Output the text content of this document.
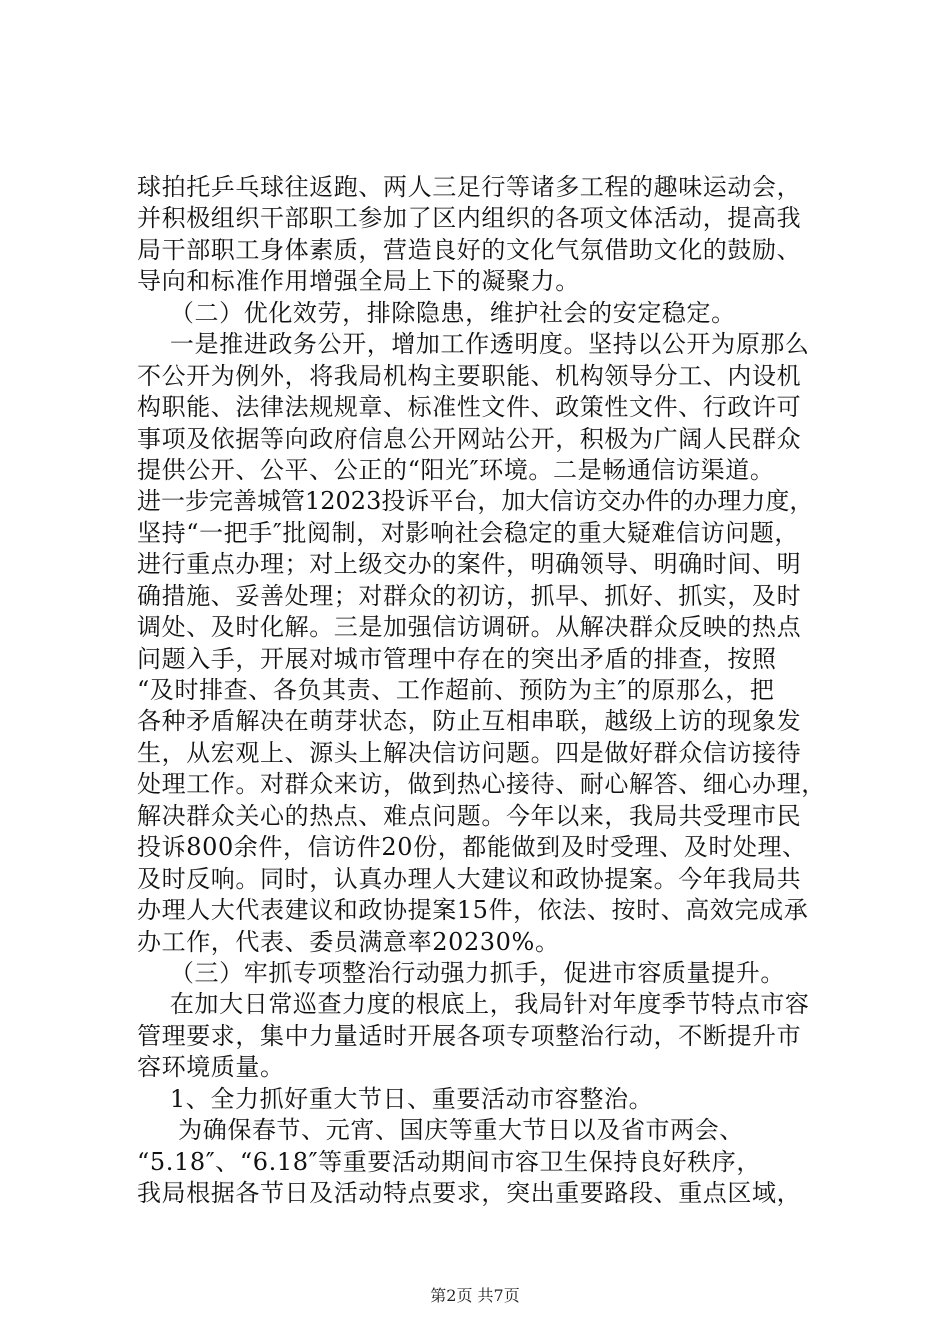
球拍托乒乓球往返跑、两人三足行等诸多工程的趣味运动会，
并积极组织干部职工参加了区内组织的各项文体活动，提高我
局干部职工身体素质，营造良好的文化气氛借助文化的鼓励、
导向和标准作用增强全局上下的凝聚力。
（二）优化效劳，排除隐患，维护社会的安定稳定。
一是推进政务公开，增加工作透明度。坚持以公开为原那么
不公开为例外，将我局机构主要职能、机构领导分工、内设机
构职能、法律法规规章、标准性文件、政策性文件、行政许可
事项及依据等向政府信息公开网站公开，积极为广阔人民群众
提供公开、公平、公正的“阳光″环境。二是畅通信访渠道。
进一步完善城管12023投诉平台，加大信访交办件的办理力度，
坚持“一把手″批阅制，对影响社会稳定的重大疑难信访问题，
进行重点办理；对上级交办的案件，明确领导、明确时间、明
确措施、妥善处理；对群众的初访，抓早、抓好、抓实，及时
调处、及时化解。三是加强信访调研。从解决群众反映的热点
问题入手，开展对城市管理中存在的突出矛盾的排查，按照
“及时排查、各负其责、工作超前、预防为主″的原那么，把
各种矛盾解决在萌芽状态，防止互相串联，越级上访的现象发
生，从宏观上、源头上解决信访问题。四是做好群众信访接待
处理工作。对群众来访，做到热心接待、耐心解答、细心办理，
解决群众关心的热点、难点问题。今年以来，我局共受理市民
投诉800余件，信访件20份，都能做到及时受理、及时处理、
及时反响。同时，认真办理人大建议和政协提案。今年我局共
办理人大代表建议和政协提案15件，依法、按时、高效完成承
办工作，代表、委员满意率20230%。
（三）牢抓专项整治行动强力抓手，促进市容质量提升。
在加大日常巡查力度的根底上，我局针对年度季节特点市容
管理要求，集中力量适时开展各项专项整治行动，不断提升市
容环境质量。
1、全力抓好重大节日、重要活动市容整治。
为确保春节、元宵、国庆等重大节日以及省市两会、
“5.18″、“6.18″等重要活动期间市容卫生保持良好秩序，
我局根据各节日及活动特点要求，突出重要路段、重点区域，
第2页 共7页
